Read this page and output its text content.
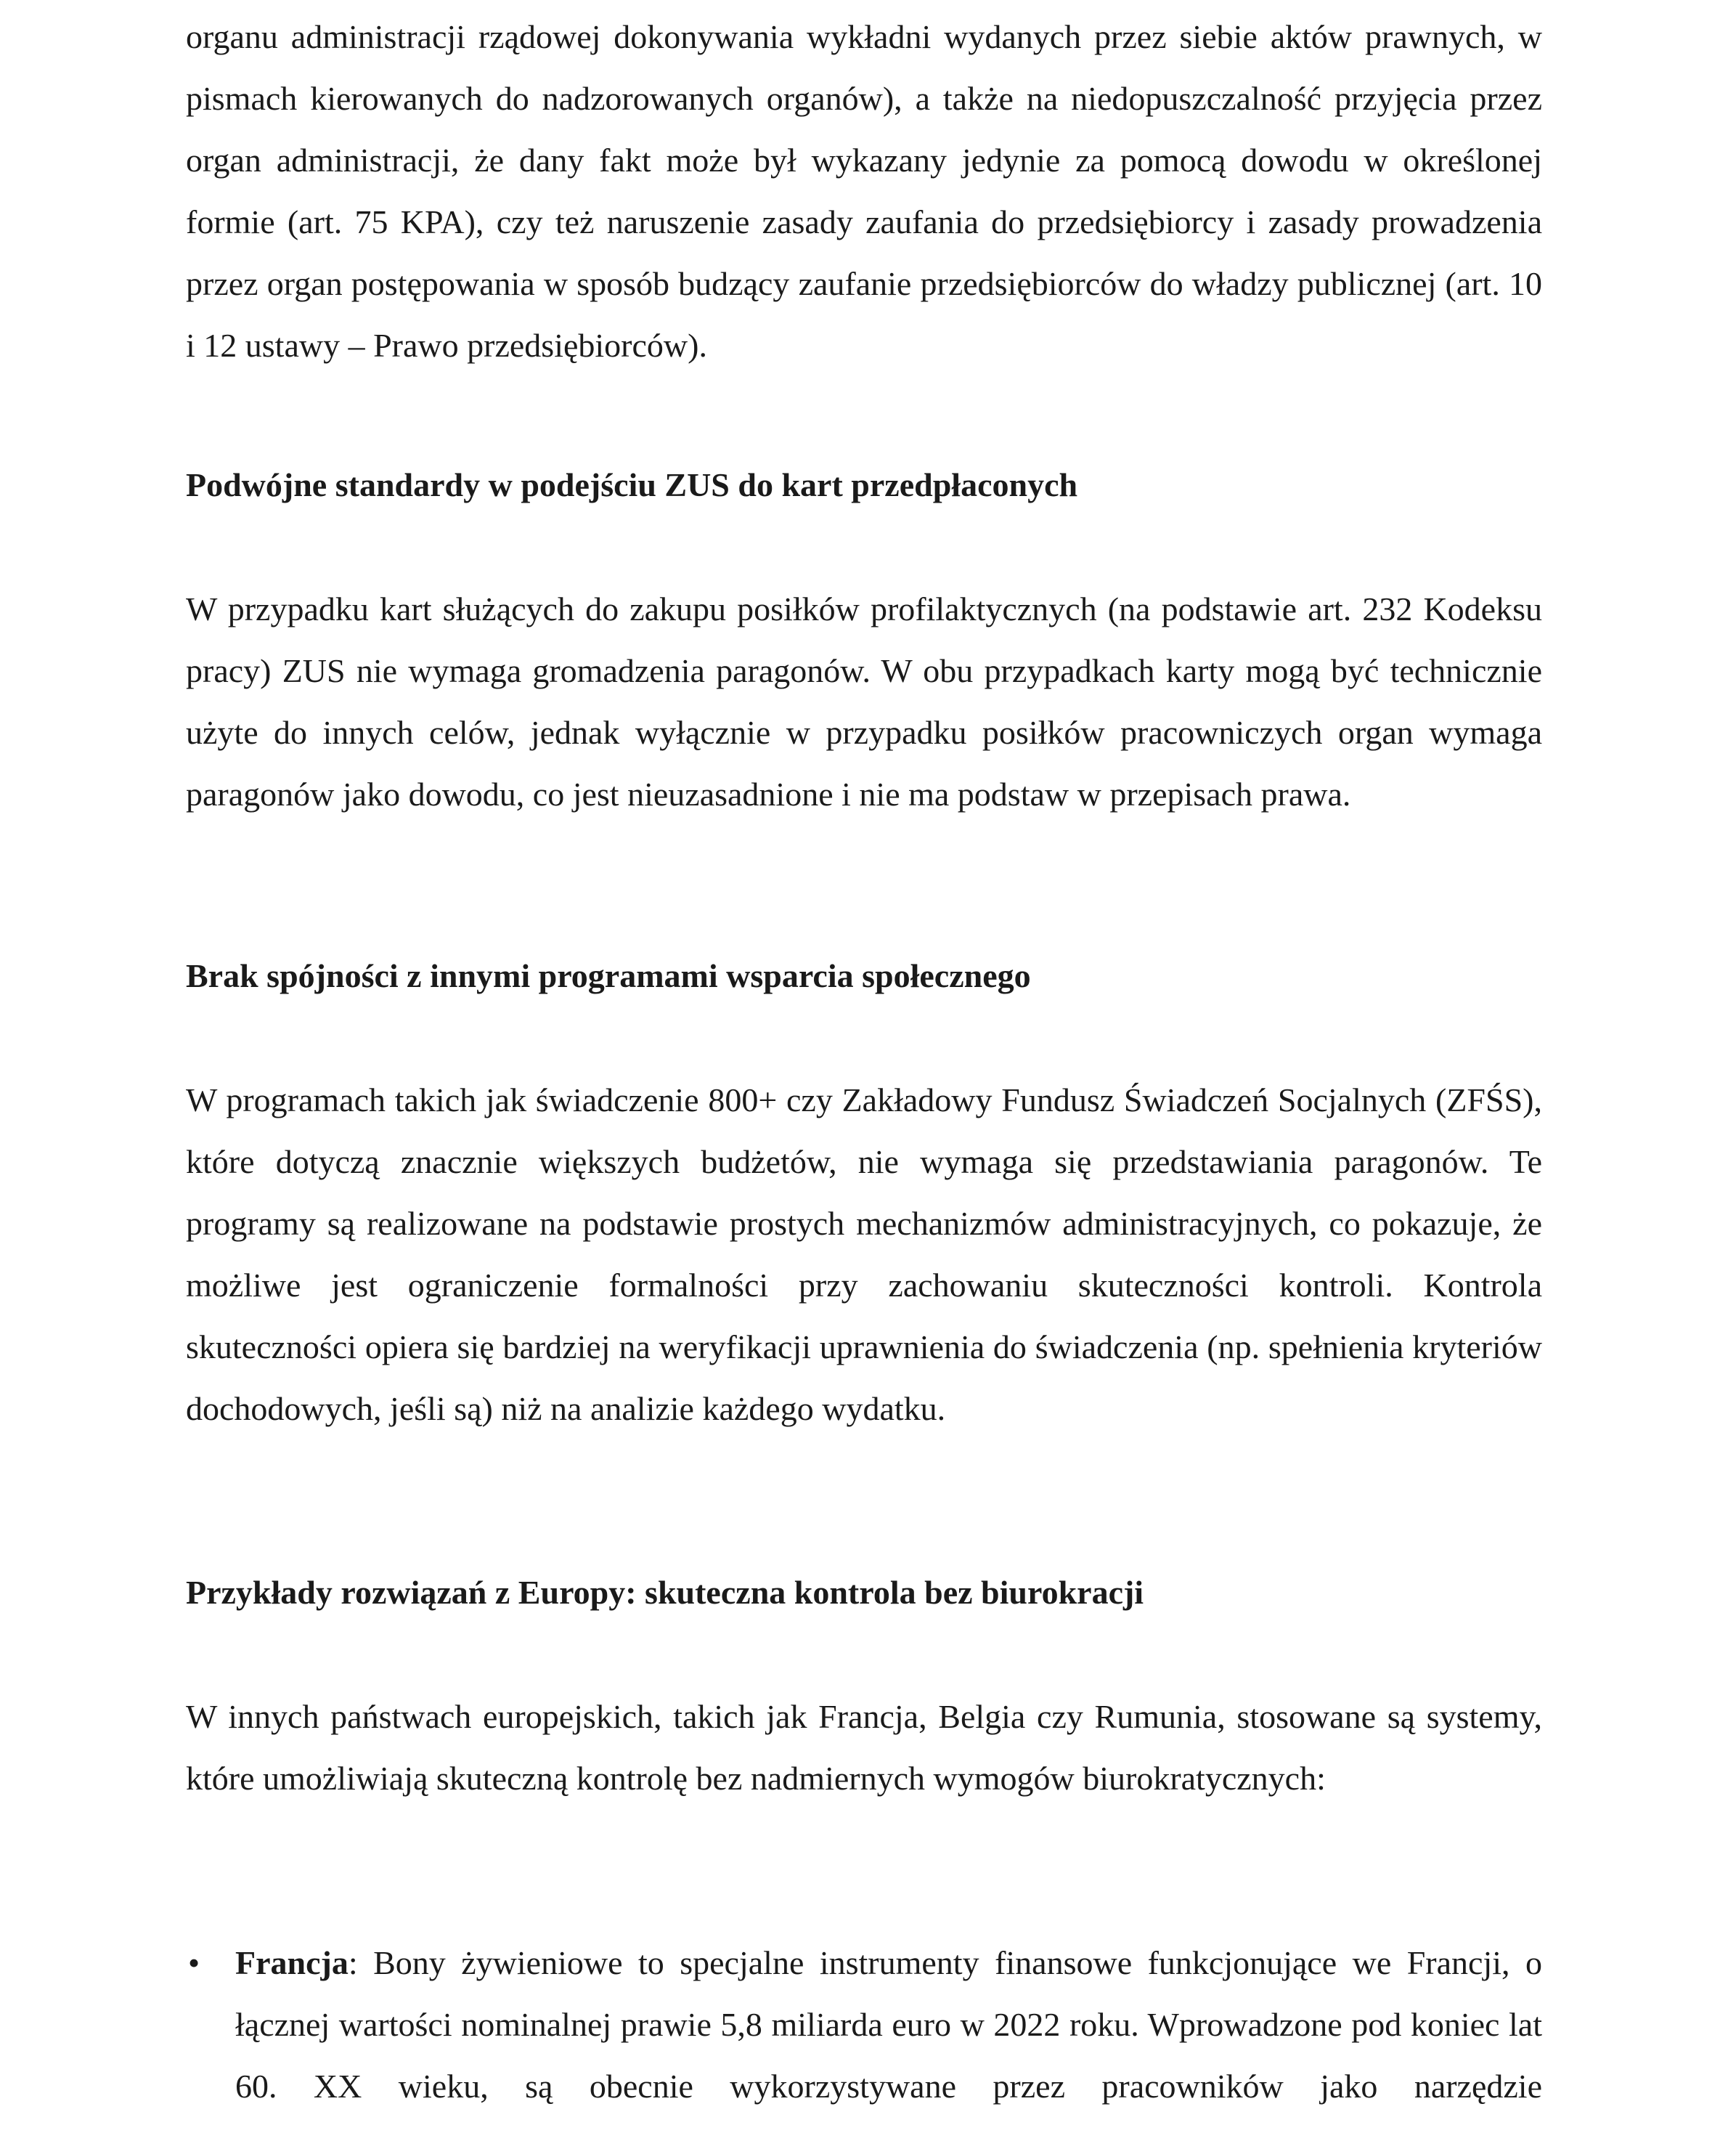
organu administracji rządowej dokonywania wykładni wydanych przez siebie aktów prawnych, w pismach kierowanych do nadzorowanych organów), a także na niedopuszczalność przyjęcia przez organ administracji, że dany fakt może był wykazany jedynie za pomocą dowodu w określonej formie (art. 75 KPA), czy też naruszenie zasady zaufania do przedsiębiorcy i zasady prowadzenia przez organ postępowania w sposób budzący zaufanie przedsiębiorców do władzy publicznej (art. 10 i 12 ustawy – Prawo przedsiębiorców).

Podwójne standardy w podejściu ZUS do kart przedpłaconych

W przypadku kart służących do zakupu posiłków profilaktycznych (na podstawie art. 232 Kodeksu pracy) ZUS nie wymaga gromadzenia paragonów. W obu przypadkach karty mogą być technicznie użyte do innych celów, jednak wyłącznie w przypadku posiłków pracowniczych organ wymaga paragonów jako dowodu, co jest nieuzasadnione i nie ma podstaw w przepisach prawa.

Brak spójności z innymi programami wsparcia społecznego

W programach takich jak świadczenie 800+ czy Zakładowy Fundusz Świadczeń Socjalnych (ZFŚS), które dotyczą znacznie większych budżetów, nie wymaga się przedstawiania paragonów. Te programy są realizowane na podstawie prostych mechanizmów administracyjnych, co pokazuje, że możliwe jest ograniczenie formalności przy zachowaniu skuteczności kontroli. Kontrola skuteczności opiera się bardziej na weryfikacji uprawnienia do świadczenia (np. spełnienia kryteriów dochodowych, jeśli są) niż na analizie każdego wydatku.

Przykłady rozwiązań z Europy: skuteczna kontrola bez biurokracji

W innych państwach europejskich, takich jak Francja, Belgia czy Rumunia, stosowane są systemy, które umożliwiają skuteczną kontrolę bez nadmiernych wymogów biurokratycznych:

• Francja: Bony żywieniowe to specjalne instrumenty finansowe funkcjonujące we Francji, o łącznej wartości nominalnej prawie 5,8 miliarda euro w 2022 roku. Wprowadzone pod koniec lat 60. XX wieku, są obecnie wykorzystywane przez pracowników jako narzędzie
